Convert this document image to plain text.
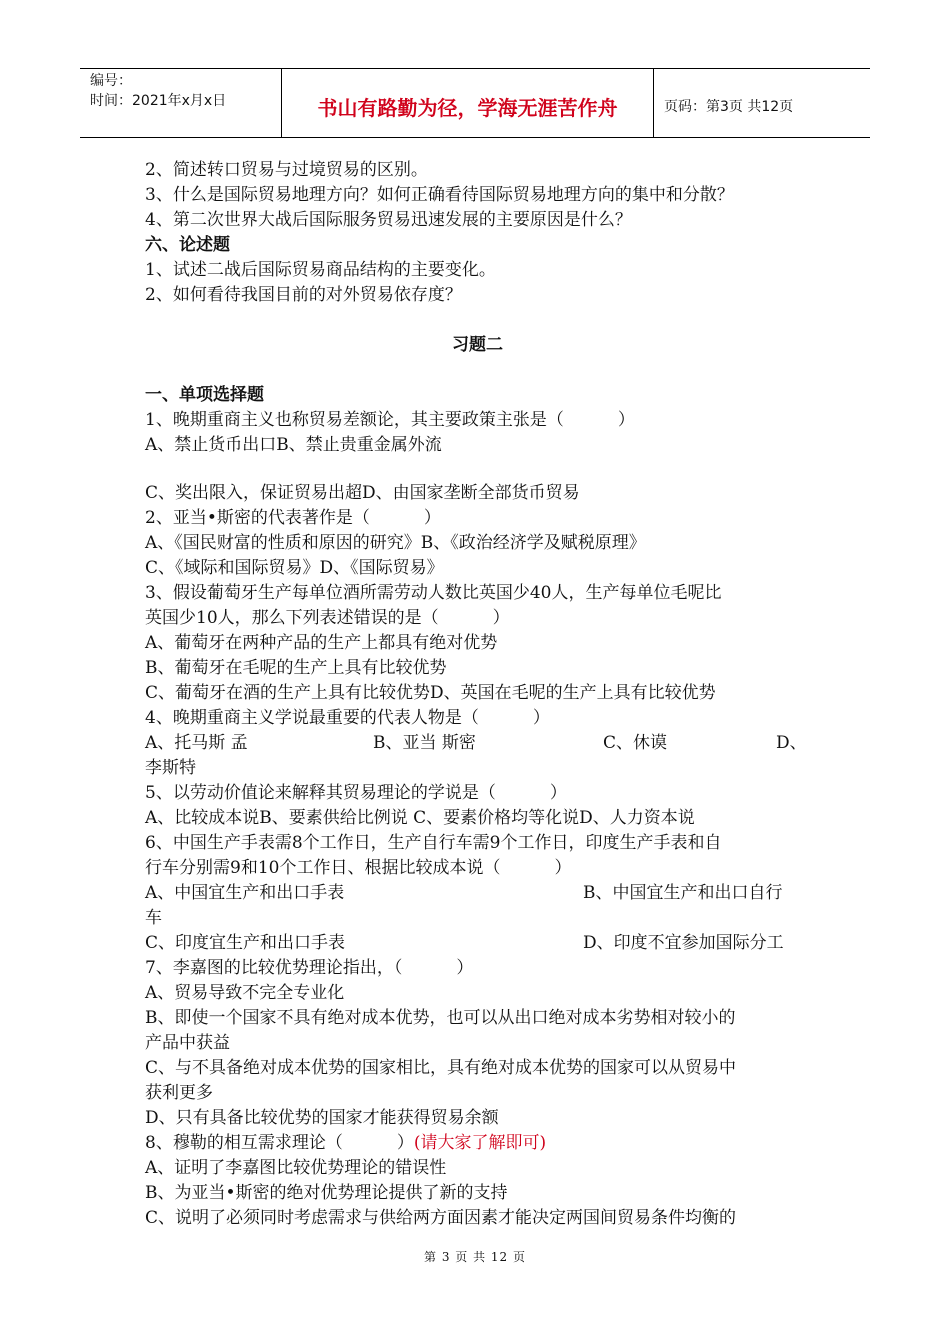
编号：
时间：2021年x月x日	书山有路勤为径，学海无涯苦作舟	页码：第3页 共12页

2、简述转口贸易与过境贸易的区别。

3、什么是国际贸易地理方向？如何正确看待国际贸易地理方向的集中和分散？

4、第二次世界大战后国际服务贸易迅速发展的主要原因是什么？

六、论述题

1、试述二战后国际贸易商品结构的主要变化。

2、如何看待我国目前的对外贸易依存度？

习题二

一、单项选择题

1、晚期重商主义也称贸易差额论，其主要政策主张是（          ）

A、禁止货币出口B、禁止贵重金属外流

C、奖出限入，保证贸易出超D、由国家垄断全部货币贸易

2、亚当•斯密的代表著作是（          ）

A、《国民财富的性质和原因的研究》B、《政治经济学及赋税原理》

C、《域际和国际贸易》D、《国际贸易》

3、假设葡萄牙生产每单位酒所需劳动人数比英国少40人，生产每单位毛呢比

英国少10人，那么下列表述错误的是（          ）

A、葡萄牙在两种产品的生产上都具有绝对优势

B、葡萄牙在毛呢的生产上具有比较优势

C、葡萄牙在酒的生产上具有比较优势D、英国在毛呢的生产上具有比较优势

4、晚期重商主义学说最重要的代表人物是（          ）

A、托马斯 孟	B、亚当 斯密	C、休谟	D、

李斯特

5、以劳动价值论来解释其贸易理论的学说是（          ）

A、比较成本说B、要素供给比例说 C、要素价格均等化说D、人力资本说

6、中国生产手表需8个工作日，生产自行车需9个工作日，印度生产手表和自

行车分别需9和10个工作日、根据比较成本说（          ）

A、中国宜生产和出口手表	B、中国宜生产和出口自行

车

C、印度宜生产和出口手表	D、印度不宜参加国际分工

7、李嘉图的比较优势理论指出，（          ）

A、贸易导致不完全专业化

B、即使一个国家不具有绝对成本优势，也可以从出口绝对成本劣势相对较小的

产品中获益

C、与不具备绝对成本优势的国家相比，具有绝对成本优势的国家可以从贸易中

获利更多

D、只有具备比较优势的国家才能获得贸易余额

8、穆勒的相互需求理论（          ）(请大家了解即可)

A、证明了李嘉图比较优势理论的错误性

B、为亚当•斯密的绝对优势理论提供了新的支持

C、说明了必须同时考虑需求与供给两方面因素才能决定两国间贸易条件均衡的

第 3 页 共 12 页
